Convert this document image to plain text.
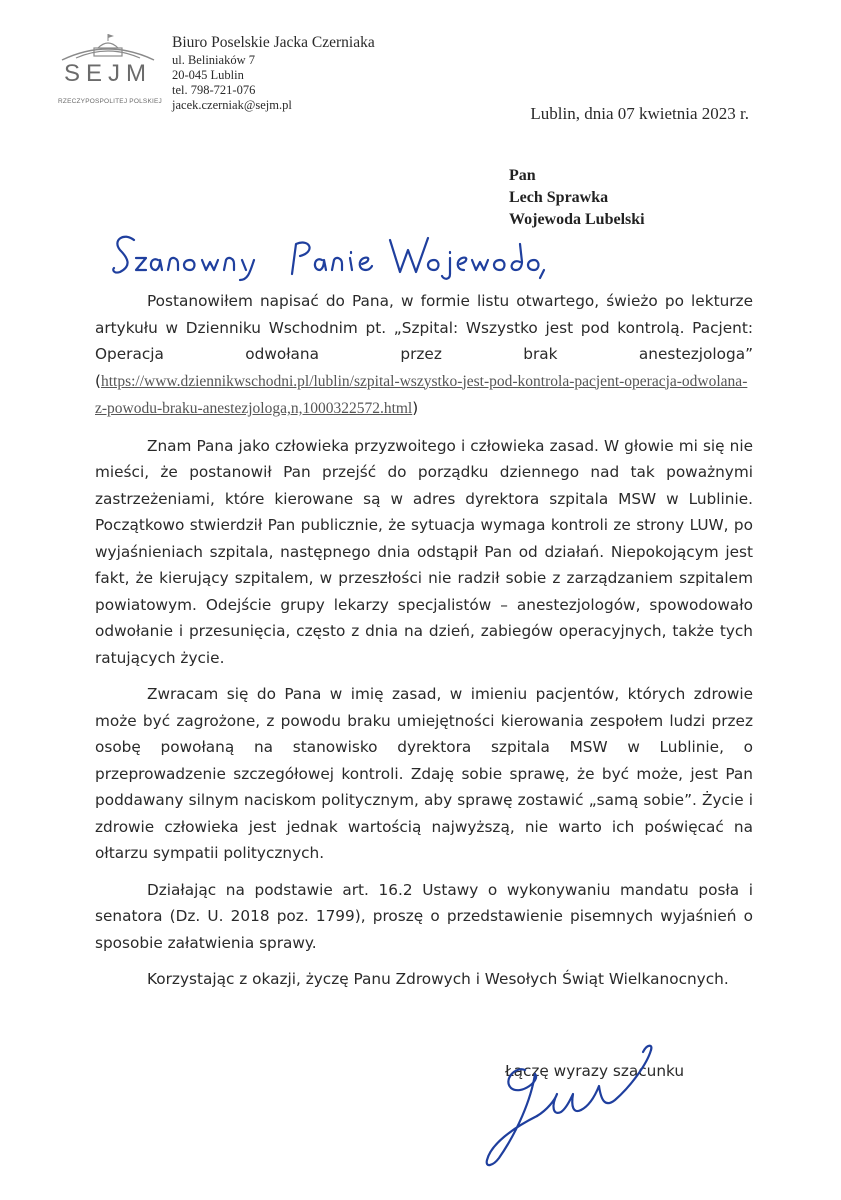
SEJM
RZECZYPOSPOLITEJ POLSKIEJ
Biuro Poselskie Jacka Czerniaka
ul. Beliniaków 7
20-045 Lublin
tel. 798-721-076
jacek.czerniak@sejm.pl	Lublin, dnia 07 kwietnia 2023 r.
Pan
Lech Sprawka
Wojewoda Lubelski

Postanowiłem napisać do Pana, w formie listu otwartego, świeżo po lekturze artykułu w Dzienniku Wschodnim pt. „Szpital: Wszystko jest pod kontrolą. Pacjent: Operacja odwołana przez brak anestezjologa” (https://www.dziennikwschodni.pl/lublin/szpital-wszystko-jest-pod-kontrola-pacjent-operacja-odwolana-z-powodu-braku-anestezjologa,n,1000322572.html)

Znam Pana jako człowieka przyzwoitego i człowieka zasad. W głowie mi się nie mieści, że postanowił Pan przejść do porządku dziennego nad tak poważnymi zastrzeżeniami, które kierowane są w adres dyrektora szpitala MSW w Lublinie. Początkowo stwierdził Pan publicznie, że sytuacja wymaga kontroli ze strony LUW, po wyjaśnieniach szpitala, następnego dnia odstąpił Pan od działań. Niepokojącym jest fakt, że kierujący szpitalem, w przeszłości nie radził sobie z zarządzaniem szpitalem powiatowym. Odejście grupy lekarzy specjalistów – anestezjologów, spowodowało odwołanie i przesunięcia, często z dnia na dzień, zabiegów operacyjnych, także tych ratujących życie.

Zwracam się do Pana w imię zasad, w imieniu pacjentów, których zdrowie może być zagrożone, z powodu braku umiejętności kierowania zespołem ludzi przez osobę powołaną na stanowisko dyrektora szpitala MSW w Lublinie, o przeprowadzenie szczegółowej kontroli. Zdaję sobie sprawę, że być może, jest Pan poddawany silnym naciskom politycznym, aby sprawę zostawić „samą sobie”. Życie i zdrowie człowieka jest jednak wartością najwyższą, nie warto ich poświęcać na ołtarzu sympatii politycznych.

Działając na podstawie art. 16.2 Ustawy o wykonywaniu mandatu posła i senatora (Dz. U. 2018 poz. 1799), proszę o przedstawienie pisemnych wyjaśnień o sposobie załatwienia sprawy.

Korzystając z okazji, życzę Panu Zdrowych i Wesołych Świąt Wielkanocnych.

Łączę wyrazy szacunku
